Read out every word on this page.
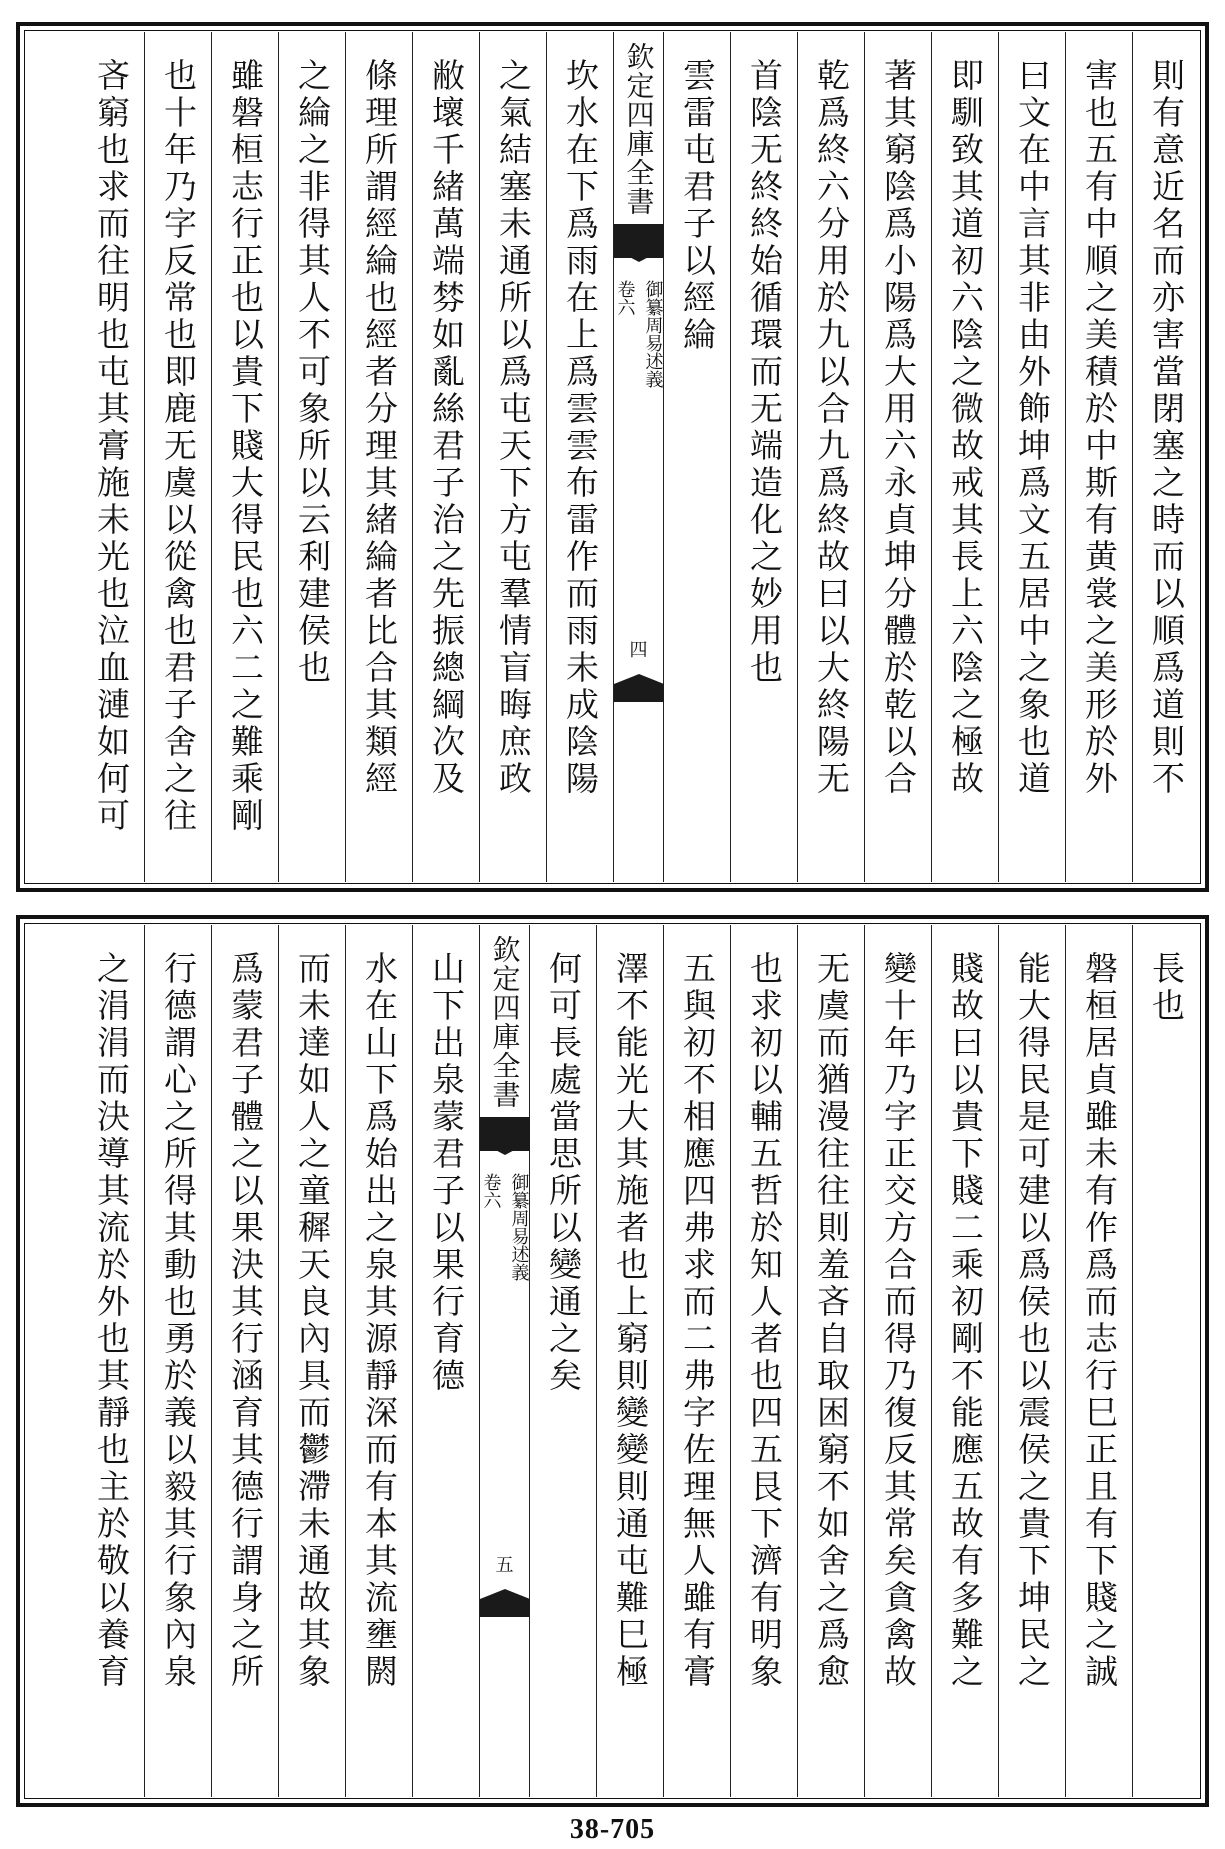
則有意近名而亦害當閉塞之時而以順爲道則不
害也五有中順之美積於中斯有黄裳之美形於外
曰文在中言其非由外飾坤爲文五居中之象也道
即馴致其道初六陰之微故戒其長上六陰之極故
著其窮陰爲小陽爲大用六永貞坤分體於乾以合
乾爲終六分用於九以合九爲終故曰以大終陽无
首陰无終終始循環而无端造化之妙用也
雲雷屯君子以經綸
欽定四庫全書
御纂周易述義
卷六
四
坎水在下爲雨在上爲雲雲布雷作而雨未成陰陽
之氣結塞未通所以爲屯天下方屯羣情盲晦庶政
敝壞千緒萬端棼如亂絲君子治之先振總綱次及
條理所謂經綸也經者分理其緒綸者比合其類經
之綸之非得其人不可象所以云利建侯也
雖磐桓志行正也以貴下賤大得民也六二之難乘剛
也十年乃字反常也即鹿无虞以從禽也君子舍之往
吝窮也求而往明也屯其膏施未光也泣血漣如何可
長也
磐桓居貞雖未有作爲而志行巳正且有下賤之誠
能大得民是可建以爲侯也以震侯之貴下坤民之
賤故曰以貴下賤二乘初剛不能應五故有多難之
變十年乃字正交方合而得乃復反其常矣貪禽故
无虞而猶漫往往則羞吝自取困窮不如舍之爲愈
也求初以輔五哲於知人者也四五艮下濟有明象
五與初不相應四弗求而二弗字佐理無人雖有膏
澤不能光大其施者也上窮則變變則通屯難巳極
何可長處當思所以變通之矣
欽定四庫全書
御纂周易述義
卷六
五
山下出泉蒙君子以果行育德
水在山下爲始出之泉其源靜深而有本其流壅閼
而未達如人之童穉天良內具而鬱滯未通故其象
爲蒙君子體之以果決其行涵育其德行謂身之所
行德謂心之所得其動也勇於義以毅其行象內泉
之涓涓而決導其流於外也其靜也主於敬以養育
38-705
